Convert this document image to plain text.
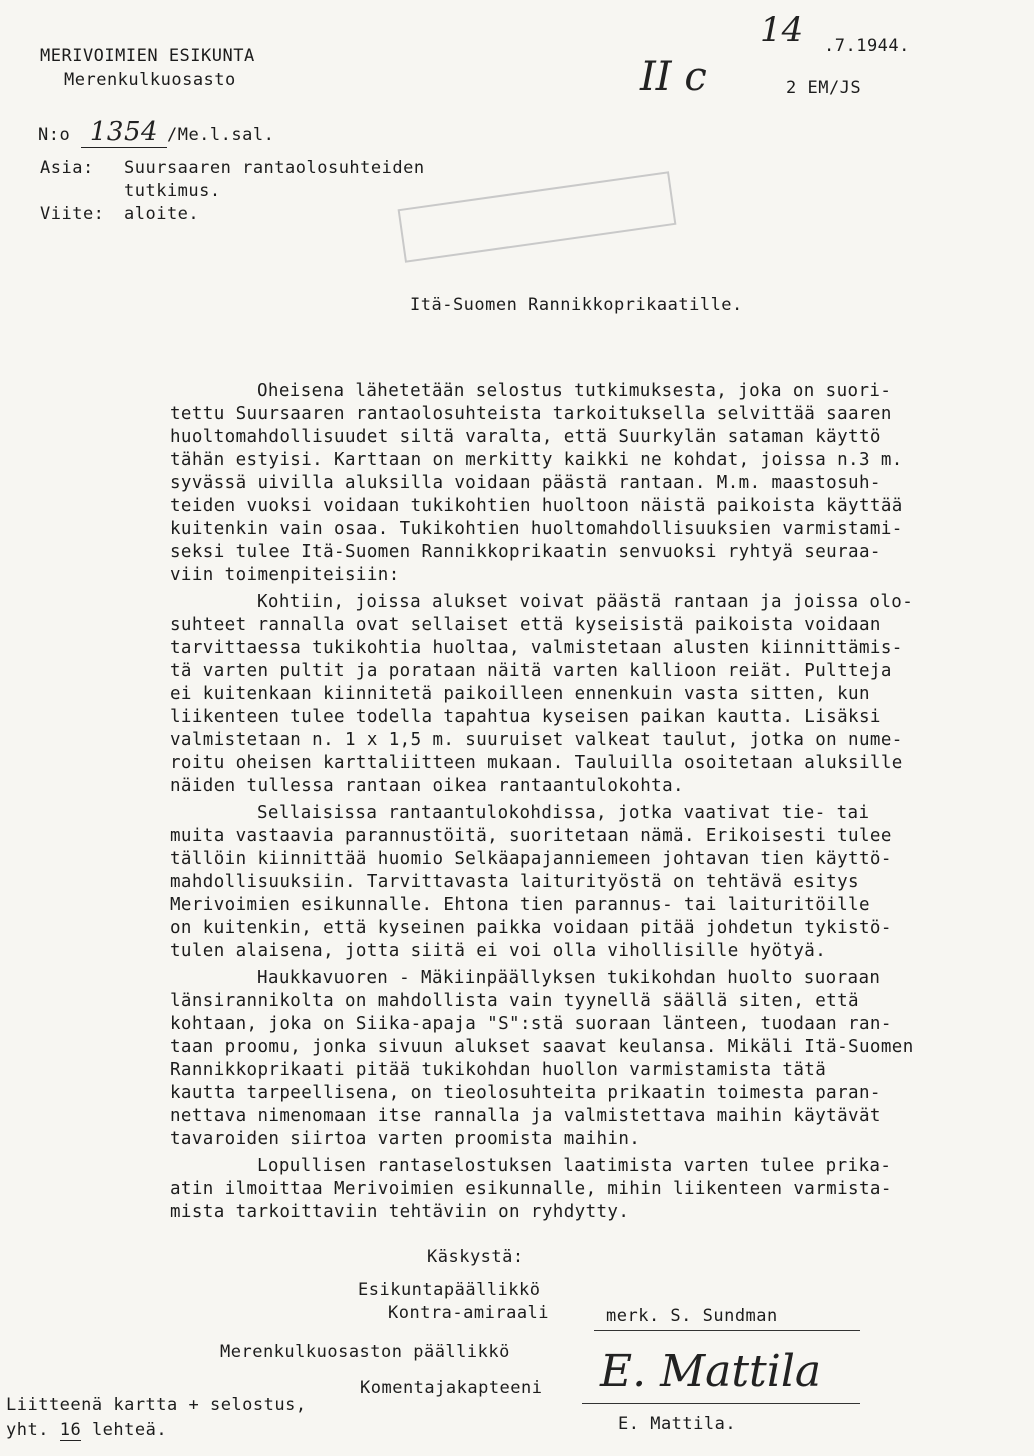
MERIVOIMIEN ESIKUNTA
Merenkulkuosasto
N:o 1354 /Me.l.sal.
14 .7.1944.
II c	2 EM/JS
Asia: Suursaaren rantaolosuhteiden
tutkimus.
Viite: aloite.
Itä-Suomen Rannikkoprikaatille.
Oheisena lähetetään selostus tutkimuksesta, joka on suori-
tettu Suursaaren rantaolosuhteista tarkoituksella selvittää saaren
huoltomahdollisuudet siltä varalta, että Suurkylän sataman käyttö
tähän estyisi. Karttaan on merkitty kaikki ne kohdat, joissa n.3 m.
syvässä uivilla aluksilla voidaan päästä rantaan. M.m. maastosuh-
teiden vuoksi voidaan tukikohtien huoltoon näistä paikoista käyttää
kuitenkin vain osaa. Tukikohtien huoltomahdollisuuksien varmistami-
seksi tulee Itä-Suomen Rannikkoprikaatin senvuoksi ryhtyä seuraa-
viin toimenpiteisiin:
Kohtiin, joissa alukset voivat päästä rantaan ja joissa olo-
suhteet rannalla ovat sellaiset että kyseisistä paikoista voidaan
tarvittaessa tukikohtia huoltaa, valmistetaan alusten kiinnittämis-
tä varten pultit ja porataan näitä varten kallioon reiät. Pultteja
ei kuitenkaan kiinnitetä paikoilleen ennenkuin vasta sitten, kun
liikenteen tulee todella tapahtua kyseisen paikan kautta. Lisäksi
valmistetaan n. 1 x 1,5 m. suuruiset valkeat taulut, jotka on nume-
roitu oheisen karttaliitteen mukaan. Tauluilla osoitetaan aluksille
näiden tullessa rantaan oikea rantaantulokohta.
Sellaisissa rantaantulokohdissa, jotka vaativat tie- tai
muita vastaavia parannustöitä, suoritetaan nämä. Erikoisesti tulee
tällöin kiinnittää huomio Selkäapajanniemeen johtavan tien käyttö-
mahdollisuuksiin. Tarvittavasta laiturityöstä on tehtävä esitys
Merivoimien esikunnalle. Ehtona tien parannus- tai laituritöille
on kuitenkin, että kyseinen paikka voidaan pitää johdetun tykistö-
tulen alaisena, jotta siitä ei voi olla vihollisille hyötyä.
Haukkavuoren - Mäkiinpäällyksen tukikohdan huolto suoraan
länsirannikolta on mahdollista vain tyynellä säällä siten, että
kohtaan, joka on Siika-apaja "S":stä suoraan länteen, tuodaan ran-
taan proomu, jonka sivuun alukset saavat keulansa. Mikäli Itä-Suomen
Rannikkoprikaati pitää tukikohdan huollon varmistamista tätä
kautta tarpeellisena, on tieolosuhteita prikaatin toimesta paran-
nettava nimenomaan itse rannalla ja valmistettava maihin käytävät
tavaroiden siirtoa varten proomista maihin.
Lopullisen rantaselostuksen laatimista varten tulee prika-
atin ilmoittaa Merivoimien esikunnalle, mihin liikenteen varmista-
mista tarkoittaviin tehtäviin on ryhdytty.
Käskystä:
Esikuntapäällikkö
Kontra-amiraali	merk. S. Sundman
Merenkulkuosaston päällikkö
Komentajakapteeni E. Mattila
E. Mattila.
Liitteenä kartta + selostus,
yht. 16 lehteä.
